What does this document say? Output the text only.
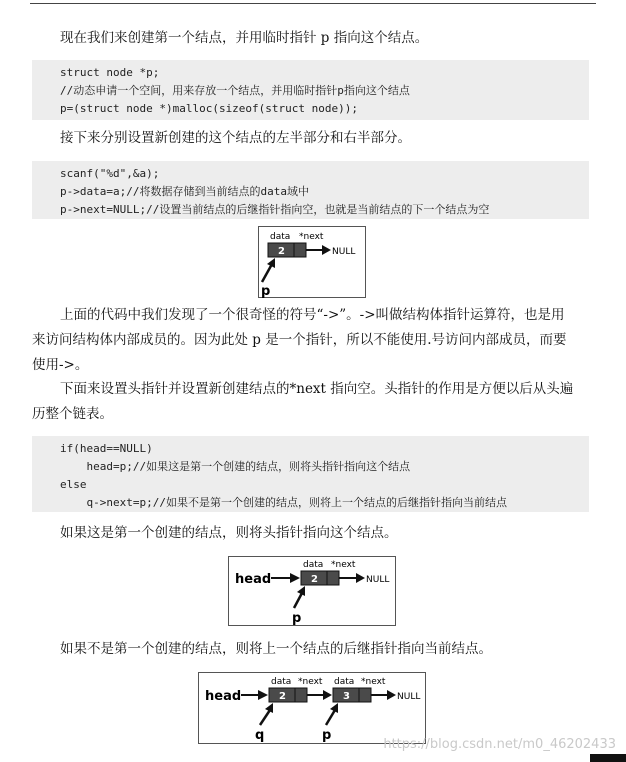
现在我们来创建第一个结点，并用临时指针 p 指向这个结点。

struct node *p;
//动态申请一个空间，用来存放一个结点，并用临时指针p指向这个结点
p=(struct node *)malloc(sizeof(struct node));

接下来分别设置新创建的这个结点的左半部分和右半部分。

scanf("%d",&a);
p->data=a;//将数据存储到当前结点的data域中
p->next=NULL;//设置当前结点的后继指针指向空，也就是当前结点的下一个结点为空
data *next
2	NULL
p

上面的代码中我们发现了一个很奇怪的符号“->”。->叫做结构体指针运算符，也是用

来访问结构体内部成员的。因为此处 p 是一个指针，所以不能使用.号访问内部成员，而要

使用->。

下面来设置头指针并设置新创建结点的*next 指向空。头指针的作用是方便以后从头遍

历整个链表。

if(head==NULL)
head=p;//如果这是第一个创建的结点，则将头指针指向这个结点
else
q->next=p;//如果不是第一个创建的结点，则将上一个结点的后继指针指向当前结点

如果这是第一个创建的结点，则将头指针指向这个结点。

head
data *next
2	NULL
p

如果不是第一个创建的结点，则将上一个结点的后继指针指向当前结点。

head
data *next
2
data *next
3	NULL
q	p
https://blog.csdn.net/m0_46202433
